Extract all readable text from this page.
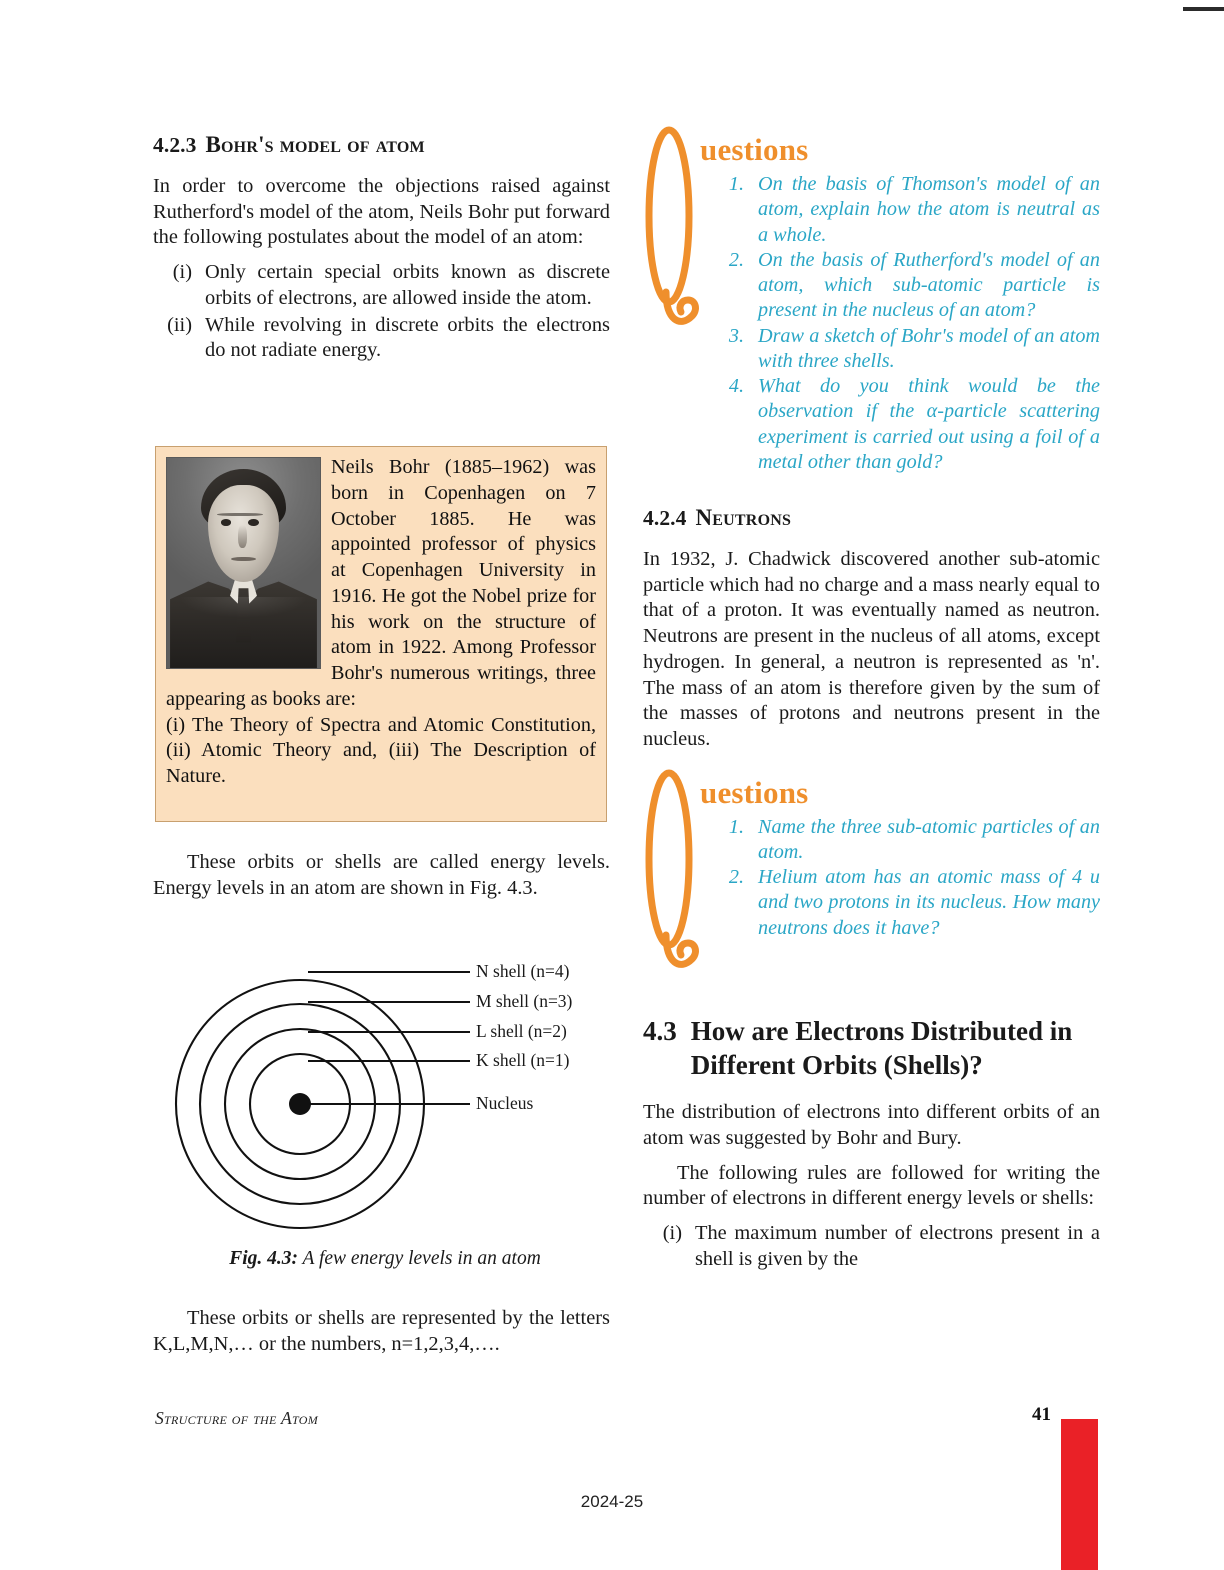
4.2.3 Bohr's model of atom

In order to overcome the objections raised against Rutherford's model of the atom, Neils Bohr put forward the following postulates about the model of an atom:

(i) Only certain special orbits known as discrete orbits of electrons, are allowed inside the atom.
(ii) While revolving in discrete orbits the electrons do not radiate energy.
Neils Bohr (1885–1962) was born in Copenhagen on 7 October 1885. He was appointed professor of physics at Copenhagen University in 1916. He got the Nobel prize for his work on the structure of atom in 1922. Among Professor Bohr's numerous writings, three appearing as books are:
(i) The Theory of Spectra and Atomic Constitution, (ii) Atomic Theory and, (iii) The Description of Nature.

These orbits or shells are called energy levels. Energy levels in an atom are shown in Fig. 4.3.

N shell (n=4)
M shell (n=3)
L shell (n=2)
K shell (n=1)
Nucleus
Fig. 4.3: A few energy levels in an atom

These orbits or shells are represented by the letters K,L,M,N,… or the numbers, n=1,2,3,4,….

uestions
1. On the basis of Thomson's model of an atom, explain how the atom is neutral as a whole.
2. On the basis of Rutherford's model of an atom, which sub-atomic particle is present in the nucleus of an atom?
3. Draw a sketch of Bohr's model of an atom with three shells.
4. What do you think would be the observation if the α-particle scattering experiment is carried out using a foil of a metal other than gold?
4.2.4 Neutrons

In 1932, J. Chadwick discovered another sub-atomic particle which had no charge and a mass nearly equal to that of a proton. It was eventually named as neutron. Neutrons are present in the nucleus of all atoms, except hydrogen. In general, a neutron is represented as 'n'. The mass of an atom is therefore given by the sum of the masses of protons and neutrons present in the nucleus.

uestions
1. Name the three sub-atomic particles of an atom.
2. Helium atom has an atomic mass of 4 u and two protons in its nucleus. How many neutrons does it have?
4.3 How are Electrons Distributed in Different Orbits (Shells)?

The distribution of electrons into different orbits of an atom was suggested by Bohr and Bury.

The following rules are followed for writing the number of electrons in different energy levels or shells:

(i) The maximum number of electrons present in a shell is given by the
Structure of the Atom	41
2024-25
